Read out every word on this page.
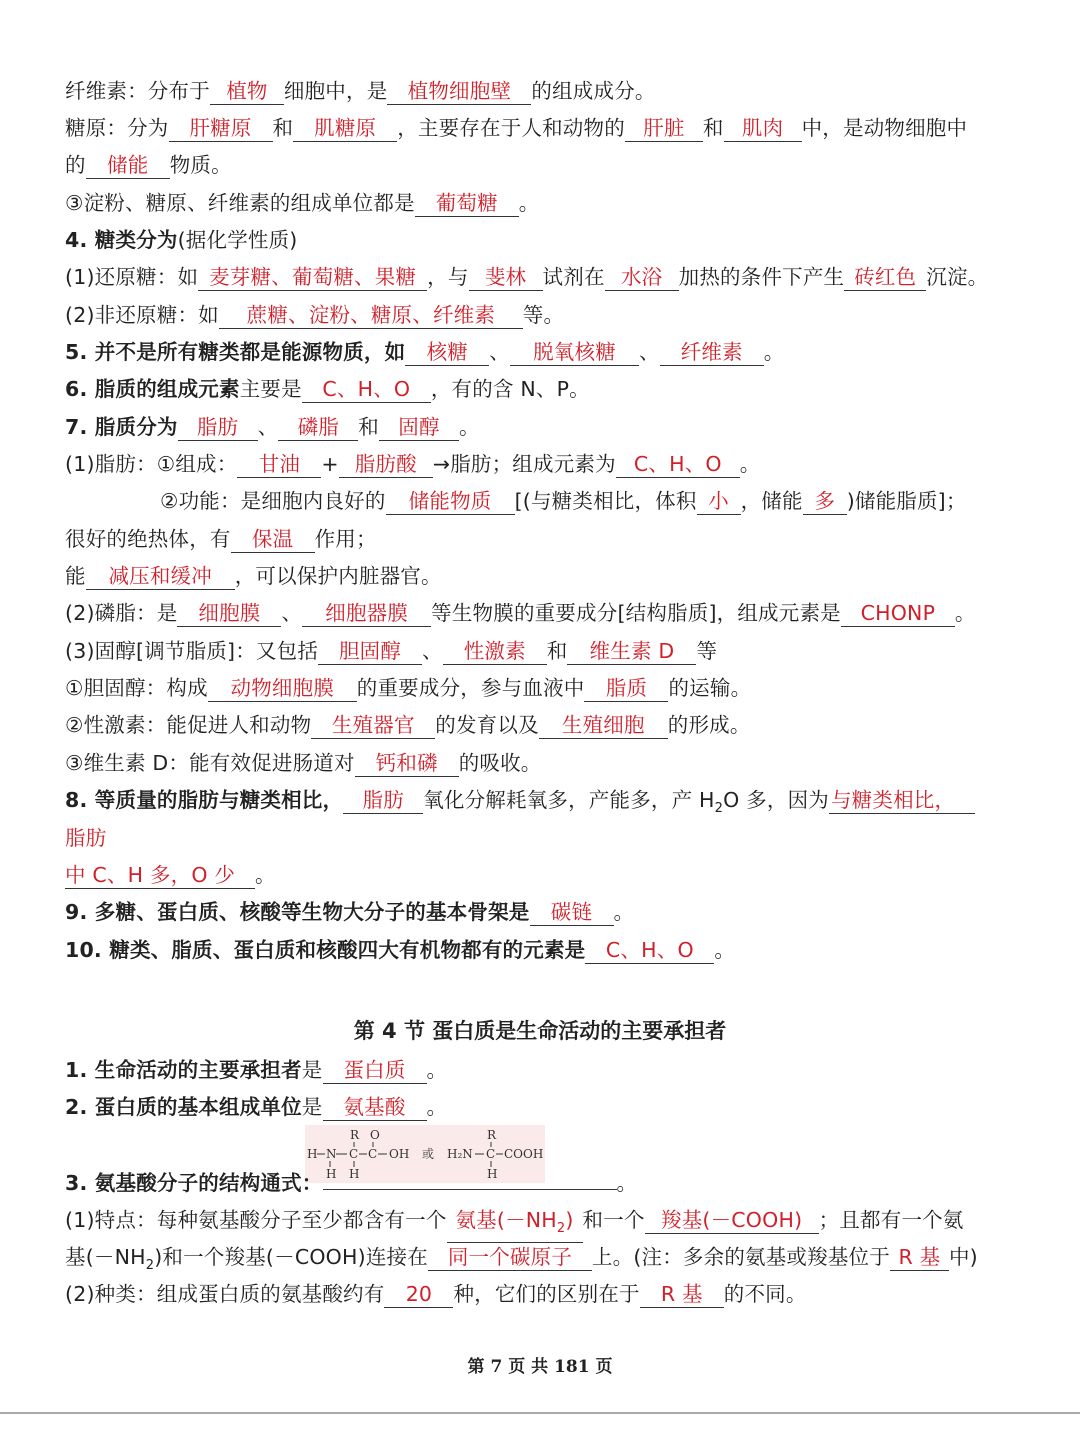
纤维素：分布于 植物 细胞中，是 植物细胞壁 的组成成分。
糖原：分为 肝糖原 和 肌糖原 ，主要存在于人和动物的 肝脏 和 肌肉 中，是动物细胞中
的 储能 物质。
③淀粉、糖原、纤维素的组成单位都是 葡萄糖 。
4. 糖类分为(据化学性质)
(1)还原糖：如 麦芽糖、葡萄糖、果糖 ，与 斐林 试剂在 水浴 加热的条件下产生 砖红色 沉淀。
(2)非还原糖：如 蔗糖、淀粉、糖原、纤维素 等。
5. 并不是所有糖类都是能源物质，如 核糖 、 脱氧核糖 、 纤维素 。
6. 脂质的组成元素主要是 C、H、O ，有的含 N、P。
7. 脂质分为 脂肪 、 磷脂 和 固醇 。
(1)脂肪：①组成： 甘油 + 脂肪酸 →脂肪；组成元素为 C、H、O 。
②功能：是细胞内良好的 储能物质 [(与糖类相比，体积 小 ，储能 多 )储能脂质]；
很好的绝热体，有 保温 作用；
能 减压和缓冲 ，可以保护内脏器官。
(2)磷脂：是 细胞膜 、 细胞器膜 等生物膜的重要成分[结构脂质]，组成元素是 CHONP 。
(3)固醇[调节脂质]：又包括 胆固醇 、 性激素 和 维生素 D 等
①胆固醇：构成 动物细胞膜 的重要成分，参与血液中 脂质 的运输。
②性激素：能促进人和动物 生殖器官 的发育以及 生殖细胞 的形成。
③维生素 D：能有效促进肠道对 钙和磷 的吸收。
8. 等质量的脂肪与糖类相比， 脂肪 氧化分解耗氧多，产能多，产 $H_2O$ 多，因为与糖类相比，
脂肪
中 C、H 多，O 少 。
9. 多糖、蛋白质、核酸等生物大分子的基本骨架是 碳链 。
10. 糖类、脂质、蛋白质和核酸四大有机物都有的元素是 C、H、O 。
第 4 节 蛋白质是生命活动的主要承担者
1. 生命活动的主要承担者是 蛋白质 。
2. 蛋白质的基本组成单位是 氨基酸 。
R O
H N C C OH
H H
或
R
H₂N C COOH
H
3. 氨基酸分子的结构通式：	。
(1)特点：每种氨基酸分子至少都含有一个 氨基$(-NH_2)$ 和一个 羧基(－COOH) ；且都有一个氨
基$(-NH_2)$和一个羧基(－COOH)连接在 同一个碳原子 上。(注：多余的氨基或羧基位于 R 基 中)
(2)种类：组成蛋白质的氨基酸约有 20 种，它们的区别在于 R 基 的不同。
第 7 页 共 181 页
